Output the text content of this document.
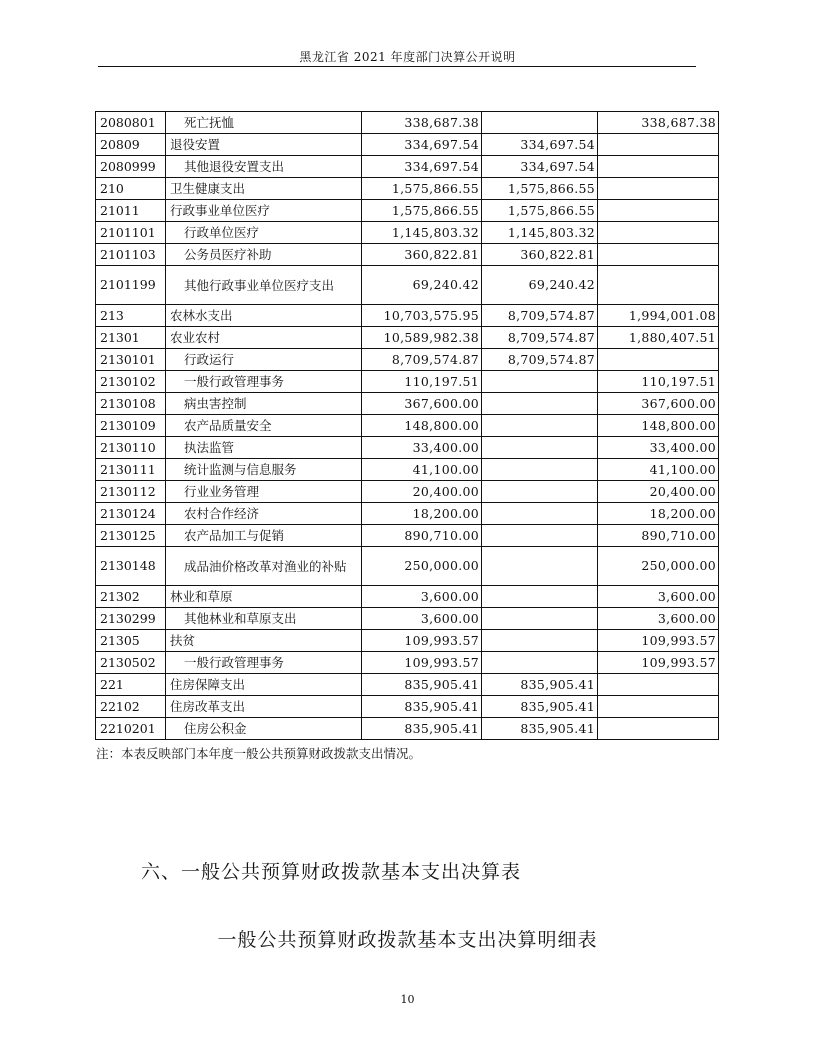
黑龙江省 2021 年度部门决算公开说明
2080801	死亡抚恤	338,687.38		338,687.38
20809	退役安置	334,697.54	334,697.54	
2080999	其他退役安置支出	334,697.54	334,697.54	
210	卫生健康支出	1,575,866.55	1,575,866.55	
21011	行政事业单位医疗	1,575,866.55	1,575,866.55	
2101101	行政单位医疗	1,145,803.32	1,145,803.32	
2101103	公务员医疗补助	360,822.81	360,822.81	
2101199	其他行政事业单位医疗支出	69,240.42	69,240.42	
213	农林水支出	10,703,575.95	8,709,574.87	1,994,001.08
21301	农业农村	10,589,982.38	8,709,574.87	1,880,407.51
2130101	行政运行	8,709,574.87	8,709,574.87	
2130102	一般行政管理事务	110,197.51		110,197.51
2130108	病虫害控制	367,600.00		367,600.00
2130109	农产品质量安全	148,800.00		148,800.00
2130110	执法监管	33,400.00		33,400.00
2130111	统计监测与信息服务	41,100.00		41,100.00
2130112	行业业务管理	20,400.00		20,400.00
2130124	农村合作经济	18,200.00		18,200.00
2130125	农产品加工与促销	890,710.00		890,710.00
2130148	成品油价格改革对渔业的补贴	250,000.00		250,000.00
21302	林业和草原	3,600.00		3,600.00
2130299	其他林业和草原支出	3,600.00		3,600.00
21305	扶贫	109,993.57		109,993.57
2130502	一般行政管理事务	109,993.57		109,993.57
221	住房保障支出	835,905.41	835,905.41	
22102	住房改革支出	835,905.41	835,905.41	
2210201	住房公积金	835,905.41	835,905.41	
注：本表反映部门本年度一般公共预算财政拨款支出情况。
六、一般公共预算财政拨款基本支出决算表
一般公共预算财政拨款基本支出决算明细表
10
